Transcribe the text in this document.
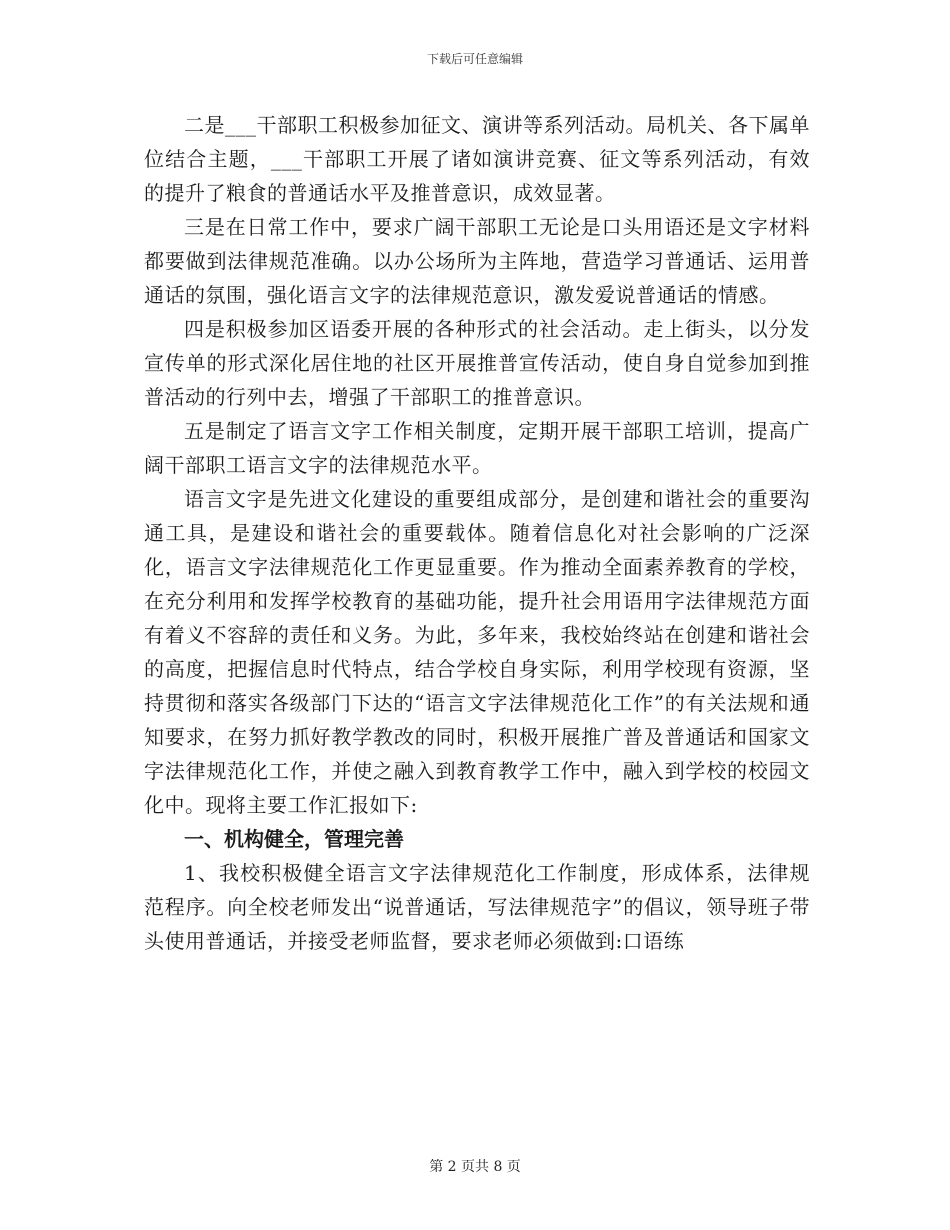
下载后可任意编辑

二是___干部职工积极参加征文、演讲等系列活动。局机关、各下属单位结合主题，___干部职工开展了诸如演讲竞赛、征文等系列活动，有效的提升了粮食的普通话水平及推普意识，成效显著。

三是在日常工作中，要求广阔干部职工无论是口头用语还是文字材料都要做到法律规范准确。以办公场所为主阵地，营造学习普通话、运用普通话的氛围，强化语言文字的法律规范意识，激发爱说普通话的情感。

四是积极参加区语委开展的各种形式的社会活动。走上街头，以分发宣传单的形式深化居住地的社区开展推普宣传活动，使自身自觉参加到推普活动的行列中去，增强了干部职工的推普意识。

五是制定了语言文字工作相关制度，定期开展干部职工培训，提高广阔干部职工语言文字的法律规范水平。

语言文字是先进文化建设的重要组成部分，是创建和谐社会的重要沟通工具，是建设和谐社会的重要载体。随着信息化对社会影响的广泛深化，语言文字法律规范化工作更显重要。作为推动全面素养教育的学校，在充分利用和发挥学校教育的基础功能，提升社会用语用字法律规范方面有着义不容辞的责任和义务。为此，多年来，我校始终站在创建和谐社会的高度，把握信息时代特点，结合学校自身实际，利用学校现有资源，坚持贯彻和落实各级部门下达的“语言文字法律规范化工作”的有关法规和通知要求，在努力抓好教学教改的同时，积极开展推广普及普通话和国家文字法律规范化工作，并使之融入到教育教学工作中，融入到学校的校园文化中。现将主要工作汇报如下:

一、机构健全，管理完善

1、我校积极健全语言文字法律规范化工作制度，形成体系，法律规范程序。向全校老师发出“说普通话，写法律规范字”的倡议，领导班子带头使用普通话，并接受老师监督，要求老师必须做到:口语练

第 2 页共 8 页
